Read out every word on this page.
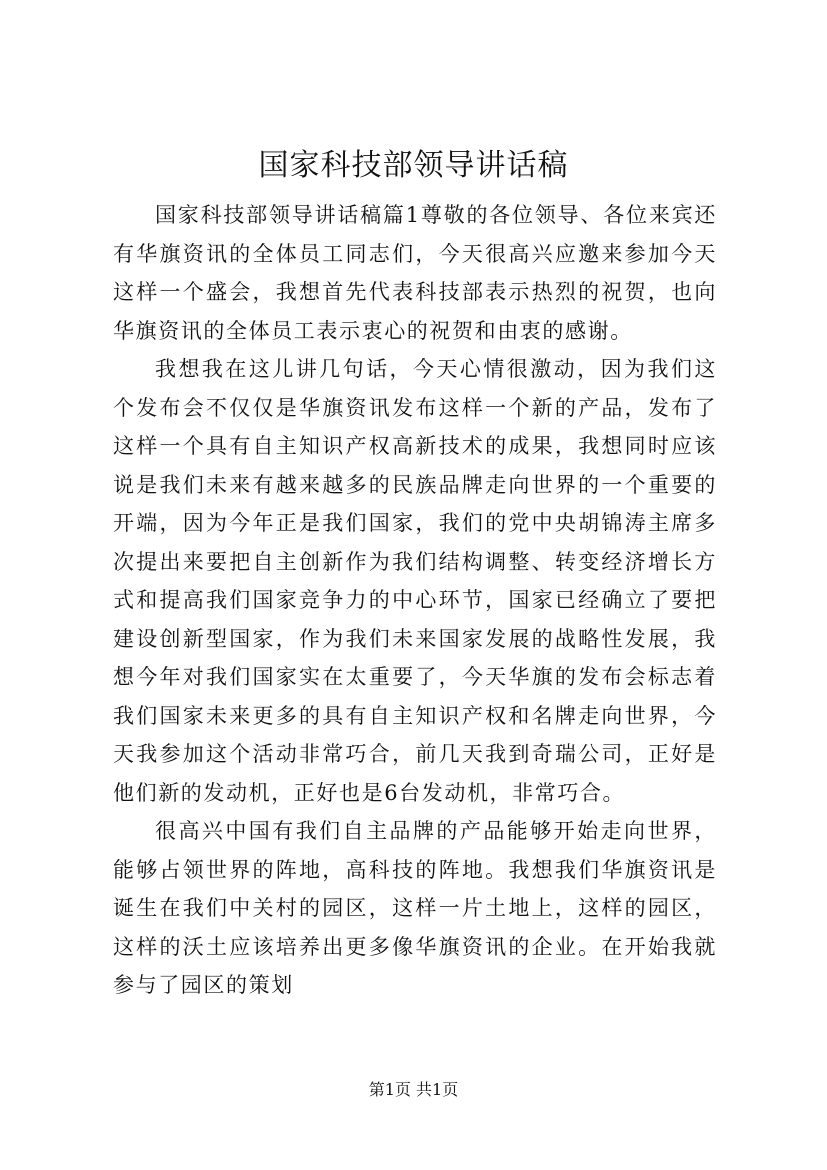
国家科技部领导讲话稿

国家科技部领导讲话稿篇1尊敬的各位领导、各位来宾还有华旗资讯的全体员工同志们，今天很高兴应邀来参加今天这样一个盛会，我想首先代表科技部表示热烈的祝贺，也向华旗资讯的全体员工表示衷心的祝贺和由衷的感谢。

我想我在这儿讲几句话，今天心情很激动，因为我们这个发布会不仅仅是华旗资讯发布这样一个新的产品，发布了这样一个具有自主知识产权高新技术的成果，我想同时应该说是我们未来有越来越多的民族品牌走向世界的一个重要的开端，因为今年正是我们国家，我们的党中央胡锦涛主席多次提出来要把自主创新作为我们结构调整、转变经济增长方式和提高我们国家竞争力的中心环节，国家已经确立了要把建设创新型国家，作为我们未来国家发展的战略性发展，我想今年对我们国家实在太重要了，今天华旗的发布会标志着我们国家未来更多的具有自主知识产权和名牌走向世界，今天我参加这个活动非常巧合，前几天我到奇瑞公司，正好是他们新的发动机，正好也是6台发动机，非常巧合。

很高兴中国有我们自主品牌的产品能够开始走向世界，能够占领世界的阵地，高科技的阵地。我想我们华旗资讯是诞生在我们中关村的园区，这样一片土地上，这样的园区，这样的沃土应该培养出更多像华旗资讯的企业。在开始我就参与了园区的策划

第1页 共1页
